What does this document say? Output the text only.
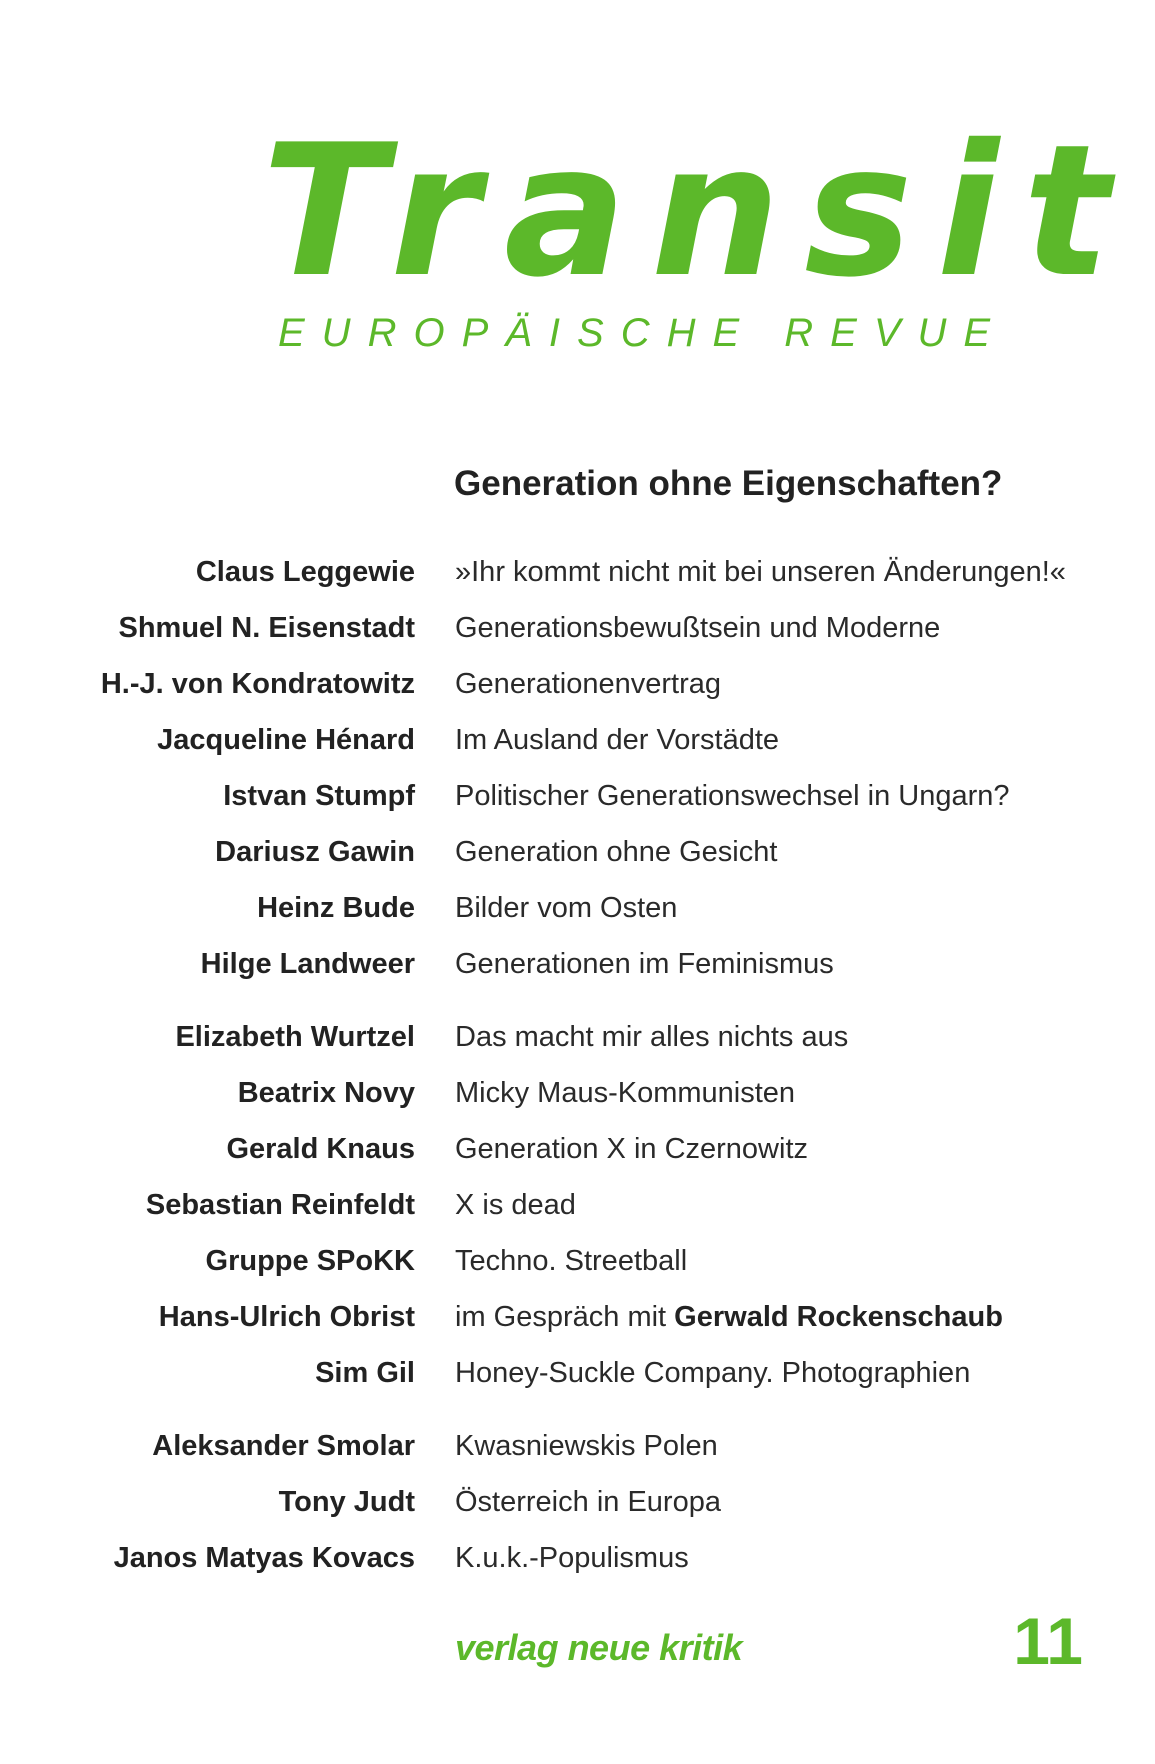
Transit
EUROPÄISCHE REVUE
Generation ohne Eigenschaften?
Claus Leggewie »Ihr kommt nicht mit bei unseren Änderungen!«
Shmuel N. Eisenstadt Generationsbewußtsein und Moderne
H.-J. von Kondratowitz Generationenvertrag
Jacqueline Hénard Im Ausland der Vorstädte
Istvan Stumpf Politischer Generationswechsel in Ungarn?
Dariusz Gawin Generation ohne Gesicht
Heinz Bude Bilder vom Osten
Hilge Landweer Generationen im Feminismus
Elizabeth Wurtzel Das macht mir alles nichts aus
Beatrix Novy Micky Maus-Kommunisten
Gerald Knaus Generation X in Czernowitz
Sebastian Reinfeldt X is dead
Gruppe SPoKK Techno. Streetball
Hans-Ulrich Obrist im Gespräch mit Gerwald Rockenschaub
Sim Gil Honey-Suckle Company. Photographien
Aleksander Smolar Kwasniewskis Polen
Tony Judt Österreich in Europa
Janos Matyas Kovacs K.u.k.-Populismus
verlag neue kritik	11
